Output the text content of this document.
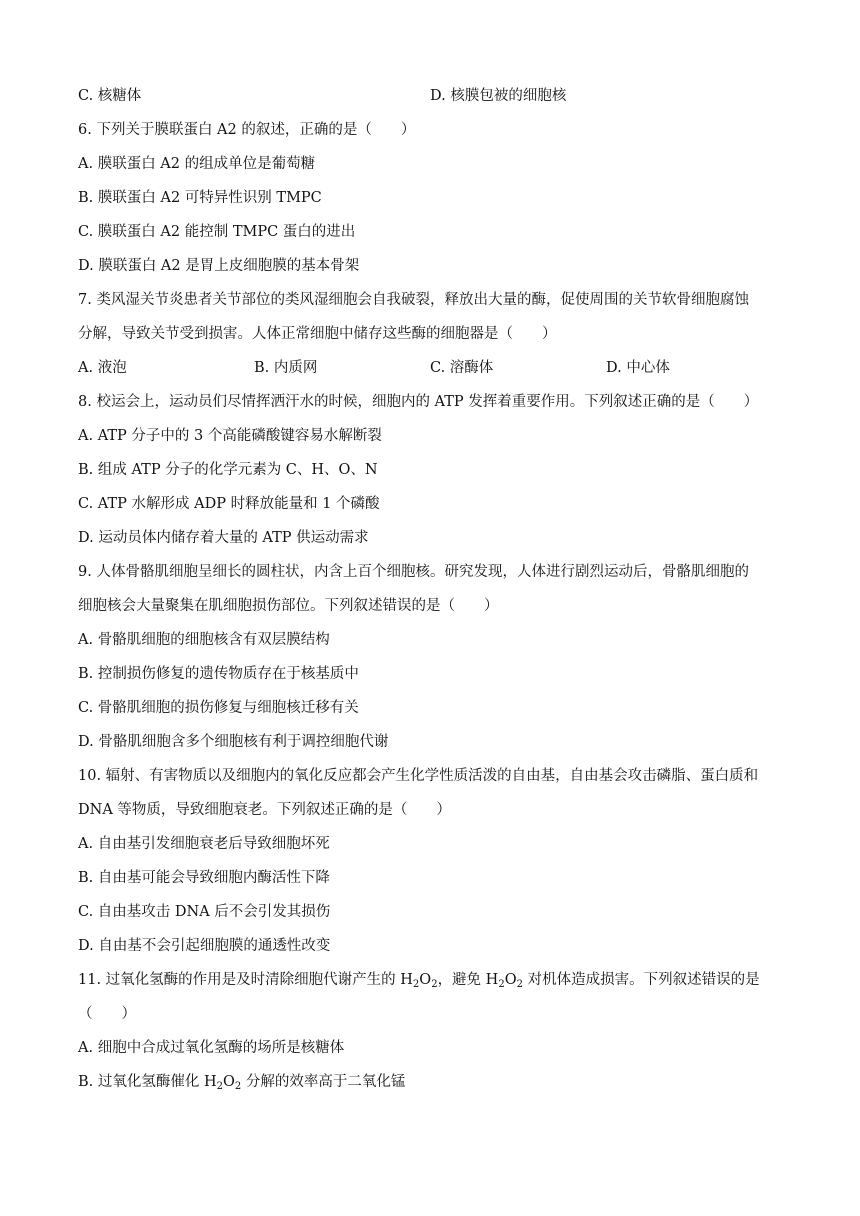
C. 核糖体	D. 核膜包被的细胞核
6. 下列关于膜联蛋白 A2 的叙述，正确的是（　　）
A. 膜联蛋白 A2 的组成单位是葡萄糖
B. 膜联蛋白 A2 可特异性识别 TMPC
C. 膜联蛋白 A2 能控制 TMPC 蛋白的进出
D. 膜联蛋白 A2 是胃上皮细胞膜的基本骨架
7. 类风湿关节炎患者关节部位的类风湿细胞会自我破裂，释放出大量的酶，促使周围的关节软骨细胞腐蚀
分解，导致关节受到损害。人体正常细胞中储存这些酶的细胞器是（　　）
A. 液泡	B. 内质网	C. 溶酶体	D. 中心体
8. 校运会上，运动员们尽情挥洒汗水的时候，细胞内的 ATP 发挥着重要作用。下列叙述正确的是（　　）
A. ATP 分子中的 3 个高能磷酸键容易水解断裂
B. 组成 ATP 分子的化学元素为 C、H、O、N
C. ATP 水解形成 ADP 时释放能量和 1 个磷酸
D. 运动员体内储存着大量的 ATP 供运动需求
9. 人体骨骼肌细胞呈细长的圆柱状，内含上百个细胞核。研究发现，人体进行剧烈运动后，骨骼肌细胞的
细胞核会大量聚集在肌细胞损伤部位。下列叙述错误的是（　　）
A. 骨骼肌细胞的细胞核含有双层膜结构
B. 控制损伤修复的遗传物质存在于核基质中
C. 骨骼肌细胞的损伤修复与细胞核迁移有关
D. 骨骼肌细胞含多个细胞核有利于调控细胞代谢
10. 辐射、有害物质以及细胞内的氧化反应都会产生化学性质活泼的自由基，自由基会攻击磷脂、蛋白质和
DNA 等物质，导致细胞衰老。下列叙述正确的是（　　）
A. 自由基引发细胞衰老后导致细胞坏死
B. 自由基可能会导致细胞内酶活性下降
C. 自由基攻击 DNA 后不会引发其损伤
D. 自由基不会引起细胞膜的通透性改变
11. 过氧化氢酶的作用是及时清除细胞代谢产生的 $H_2O_2$，避免 $H_2O_2$ 对机体造成损害。下列叙述错误的是
（　　）
A. 细胞中合成过氧化氢酶的场所是核糖体
B. 过氧化氢酶催化 $H_2O_2$ 分解的效率高于二氧化锰
